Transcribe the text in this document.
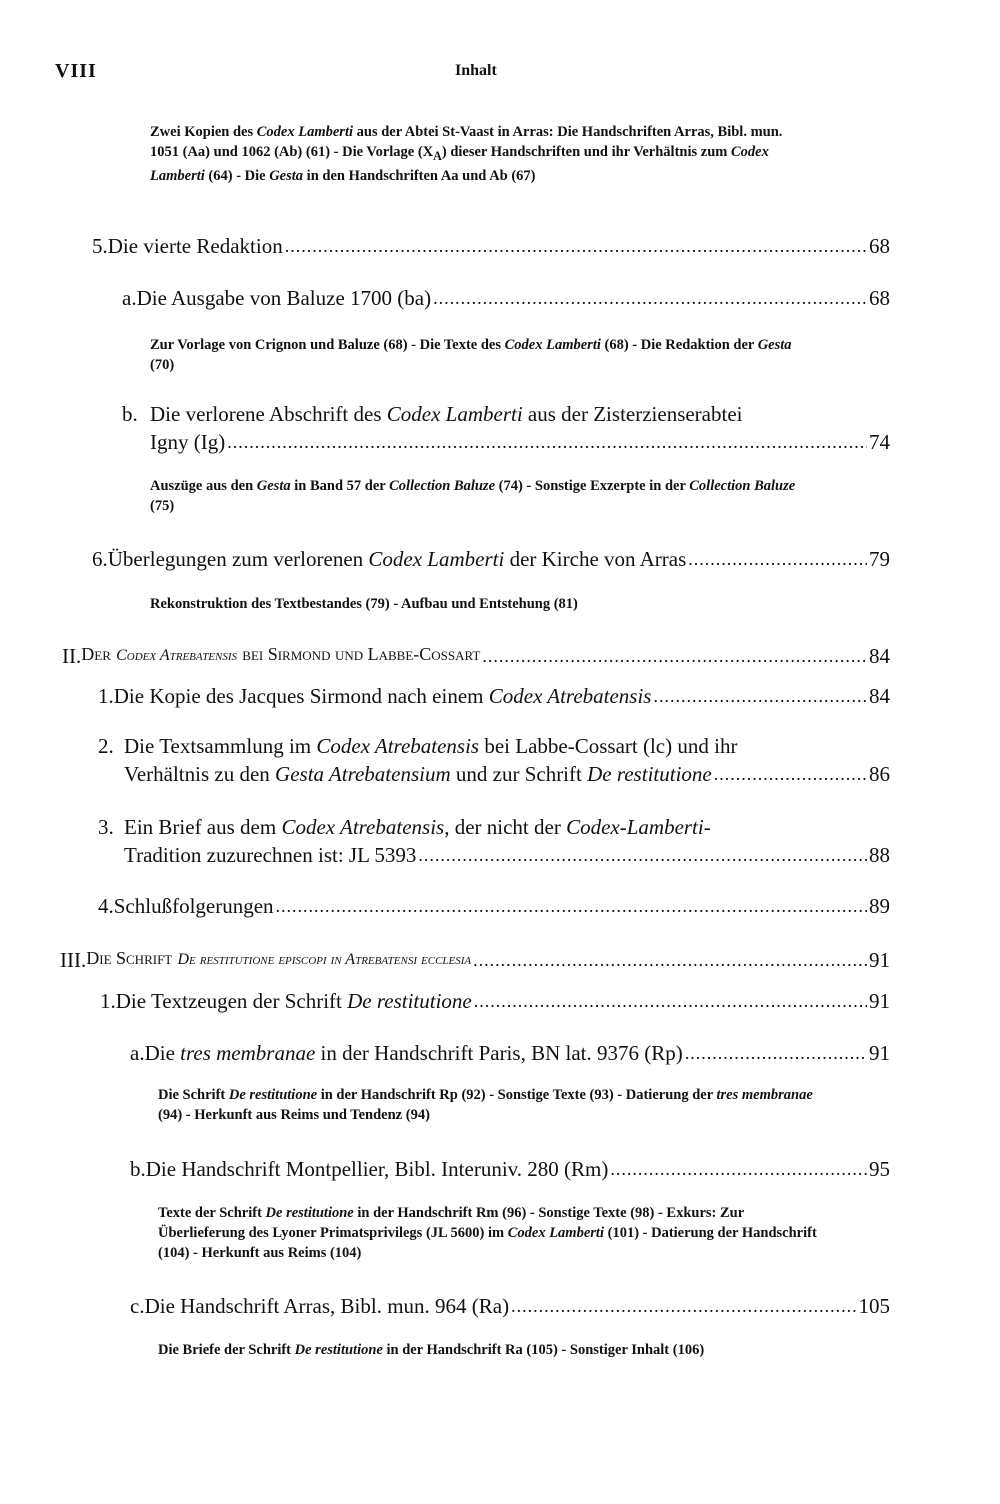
VIII	Inhalt

Zwei Kopien des Codex Lamberti aus der Abtei St-Vaast in Arras: Die Handschriften Arras, Bibl. mun. 1051 (Aa) und 1062 (Ab) (61) - Die Vorlage $(X_A)$ dieser Handschriften und ihr Verhältnis zum Codex Lamberti (64) - Die Gesta in den Handschriften Aa und Ab (67)

5. Die vierte Redaktion .....	68
a. Die Ausgabe von Baluze 1700 (ba) .....	68

Zur Vorlage von Crignon und Baluze (68) - Die Texte des Codex Lamberti (68) - Die Redaktion der Gesta (70)

b. Die verlorene Abschrift des Codex Lamberti aus der Zisterzienserabtei
Igny (Ig) .....	74

Auszüge aus den Gesta in Band 57 der Collection Baluze (74) - Sonstige Exzerpte in der Collection Baluze (75)

6. Überlegungen zum verlorenen Codex Lamberti der Kirche von Arras .....	79

Rekonstruktion des Textbestandes (79) - Aufbau und Entstehung (81)

II. Der Codex Atrebatensis bei Sirmond und Labbe-Cossart .....	84
1. Die Kopie des Jacques Sirmond nach einem Codex Atrebatensis .....	84
2. Die Textsammlung im Codex Atrebatensis bei Labbe-Cossart (lc) und ihr
Verhältnis zu den Gesta Atrebatensium und zur Schrift De restitutione .....	86
3. Ein Brief aus dem Codex Atrebatensis, der nicht der Codex-Lamberti-
Tradition zuzurechnen ist: JL 5393 .....	88
4. Schlußfolgerungen .....	89
III. Die Schrift De restitutione episcopi in Atrebatensi ecclesia .....	91
1. Die Textzeugen der Schrift De restitutione .....	91
a. Die tres membranae in der Handschrift Paris, BN lat. 9376 (Rp) .....	91

Die Schrift De restitutione in der Handschrift Rp (92) - Sonstige Texte (93) - Datierung der tres membranae (94) - Herkunft aus Reims und Tendenz (94)

b. Die Handschrift Montpellier, Bibl. Interuniv. 280 (Rm) .....	95

Texte der Schrift De restitutione in der Handschrift Rm (96) - Sonstige Texte (98) - Exkurs: Zur Überlieferung des Lyoner Primatsprivilegs (JL 5600) im Codex Lamberti (101) - Datierung der Handschrift (104) - Herkunft aus Reims (104)

c. Die Handschrift Arras, Bibl. mun. 964 (Ra) .....	105

Die Briefe der Schrift De restitutione in der Handschrift Ra (105) - Sonstiger Inhalt (106)
